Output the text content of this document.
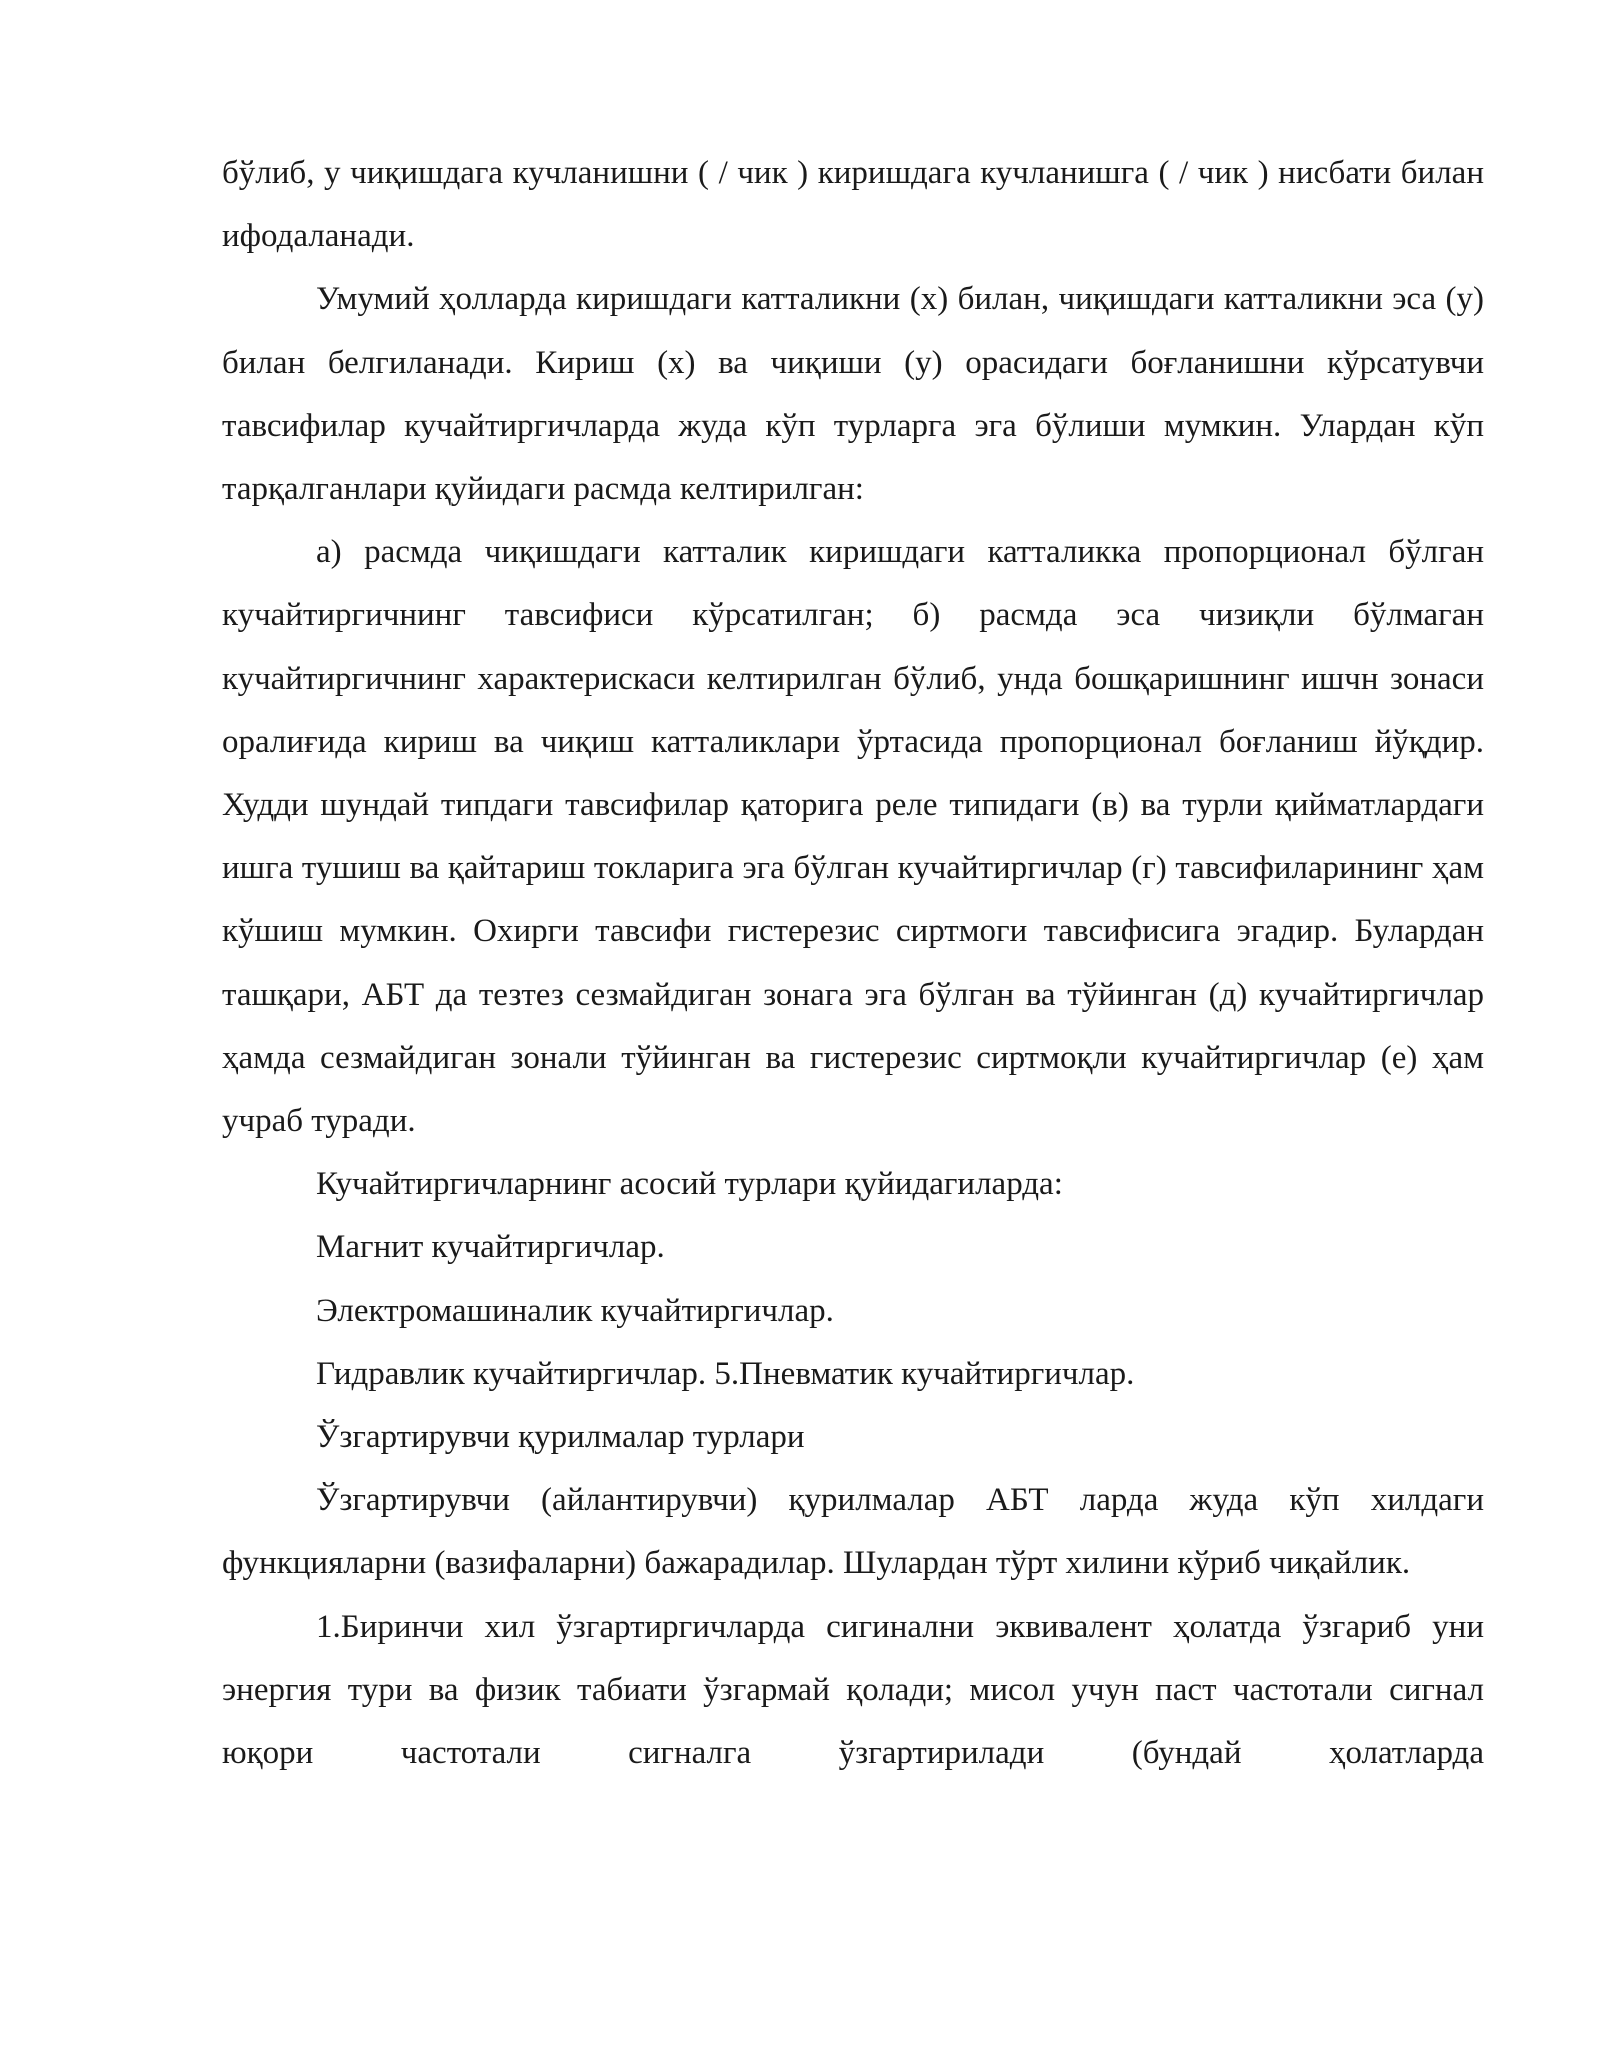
бўлиб, у чиқишдага кучланишни ( / чик ) киришдага кучланишга ( / чик ) нисбати билан ифодаланади.

Умумий ҳолларда киришдаги катталикни (х) билан, чиқишдаги катталикни эса (у) билан белгиланади. Кириш (х) ва чиқиши (у) орасидаги боғланишни кўрсатувчи тавсифилар кучайтиргичларда жуда кўп турларга эга бўлиши мумкин. Улардан кўп тарқалганлари қуйидаги расмда келтирилган:

а) расмда чиқишдаги катталик киришдаги катталикка пропорционал бўлган кучайтиргичнинг тавсифиси кўрсатилган; б) расмда эса чизиқли бўлмаган кучайтиргичнинг характерискаси келтирилган бўлиб, унда бошқаришнинг ишчн зонаси оралиғида кириш ва чиқиш катталиклари ўртасида пропорционал боғланиш йўқдир. Худди шундай типдаги тавсифилар қаторига реле типидаги (в) ва турли қийматлардаги ишга тушиш ва қайтариш токларига эга бўлган кучайтиргичлар (г) тавсифиларининг ҳам кўшиш мумкин. Охирги тавсифи гистерезис сиртмоги тавсифисига эгадир. Булардан ташқари, АБТ да тезтез сезмайдиган зонага эга бўлган ва тўйинган (д) кучайтиргичлар ҳамда сезмайдиган зонали тўйинган ва гистерезис сиртмоқли кучайтиргичлар (е) ҳам учраб туради.

Кучайтиргичларнинг асосий турлари қуйидагиларда:

Магнит кучайтиргичлар.

Электромашиналик кучайтиргичлар.

Гидравлик кучайтиргичлар. 5.Пневматик кучайтиргичлар.

Ўзгартирувчи қурилмалар турлари

Ўзгартирувчи (айлантирувчи) қурилмалар АБТ ларда жуда кўп хилдаги функцияларни (вазифаларни) бажарадилар. Шулардан тўрт хилини кўриб чиқайлик.

1.Биринчи хил ўзгартиргичларда сигинални эквивалент ҳолатда ўзгариб уни энергия тури ва физик табиати ўзгармай қолади; мисол учун паст частотали сигнал юқори частотали сигналга ўзгартирилади (бундай ҳолатларда
